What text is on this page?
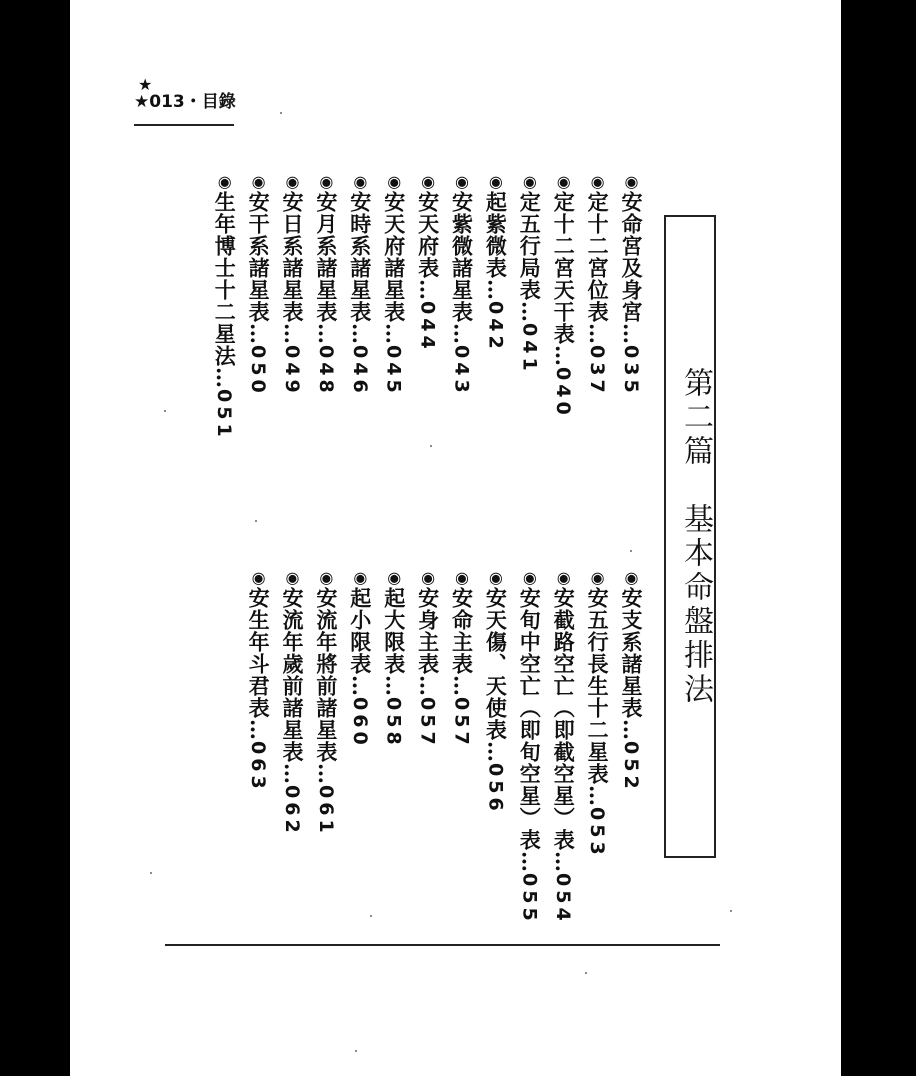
★
★013・目錄
第二篇　基本命盤排法
◉安命宮及身宮…035
◉定十二宮位表…037
◉定十二宮天干表…040
◉定五行局表…041
◉起紫微表…042
◉安紫微諸星表…043
◉安天府表…044
◉安天府諸星表…045
◉安時系諸星表…046
◉安月系諸星表…048
◉安日系諸星表…049
◉安干系諸星表…050
◉生年博士十二星法…051
◉安支系諸星表…052
◉安五行長生十二星表…053
◉安截路空亡（即截空星）表…054
◉安旬中空亡（即旬空星）表…055
◉安天傷、天使表…056
◉安命主表…057
◉安身主表…057
◉起大限表…058
◉起小限表…060
◉安流年將前諸星表…061
◉安流年歲前諸星表…062
◉安生年斗君表…063
